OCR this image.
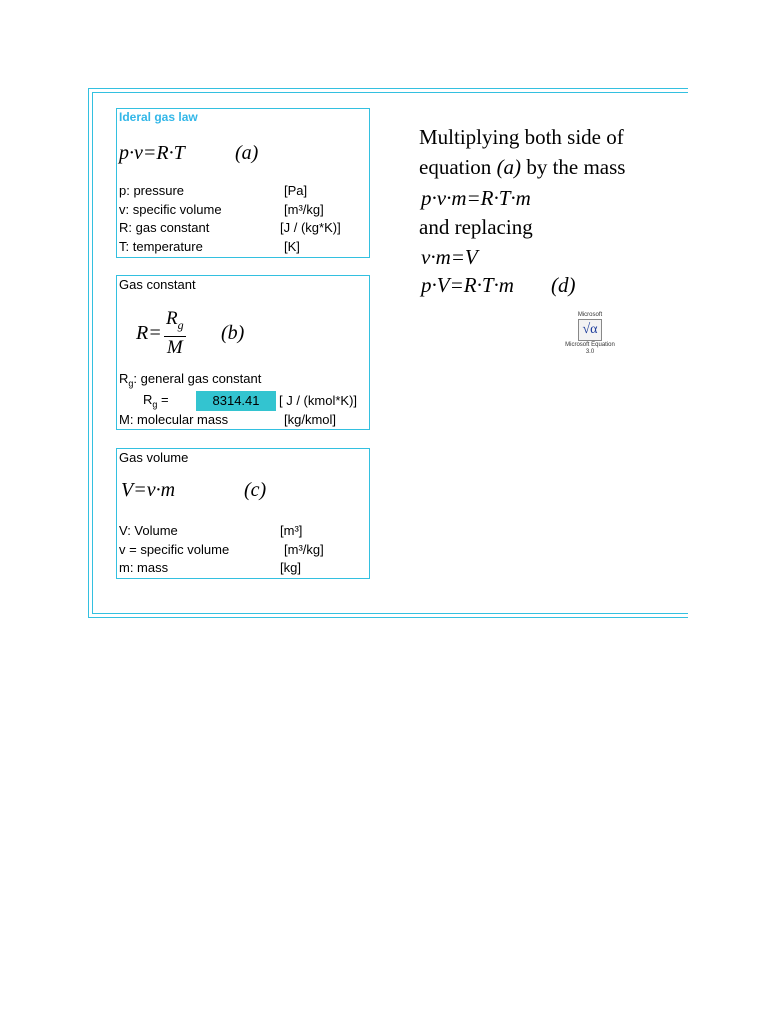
Ideral gas law
p·v=R·T	(a)
p: pressure	[Pa]
v: specific volume	[m³/kg]
R: gas constant	[J / (kg*K)]
T: temperature	[K]
Gas constant
$R= \frac{R_g}{M} (b)$
$R_g$: general gas constant
$R_g$ =	8314.41	[ J / (kmol*K)]
M: molecular mass	[kg/kmol]
Gas volume
V=v·m	(c)
V: Volume	[m³]
v = specific volume	[m³/kg]
m: mass	[kg]
Multiplying both side of
equation (a) by the mass
p·v·m=R·T·m
and replacing
v·m=V
p·V=R·T·m (d)
Microsoft
√α
Microsoft Equation
3.0
